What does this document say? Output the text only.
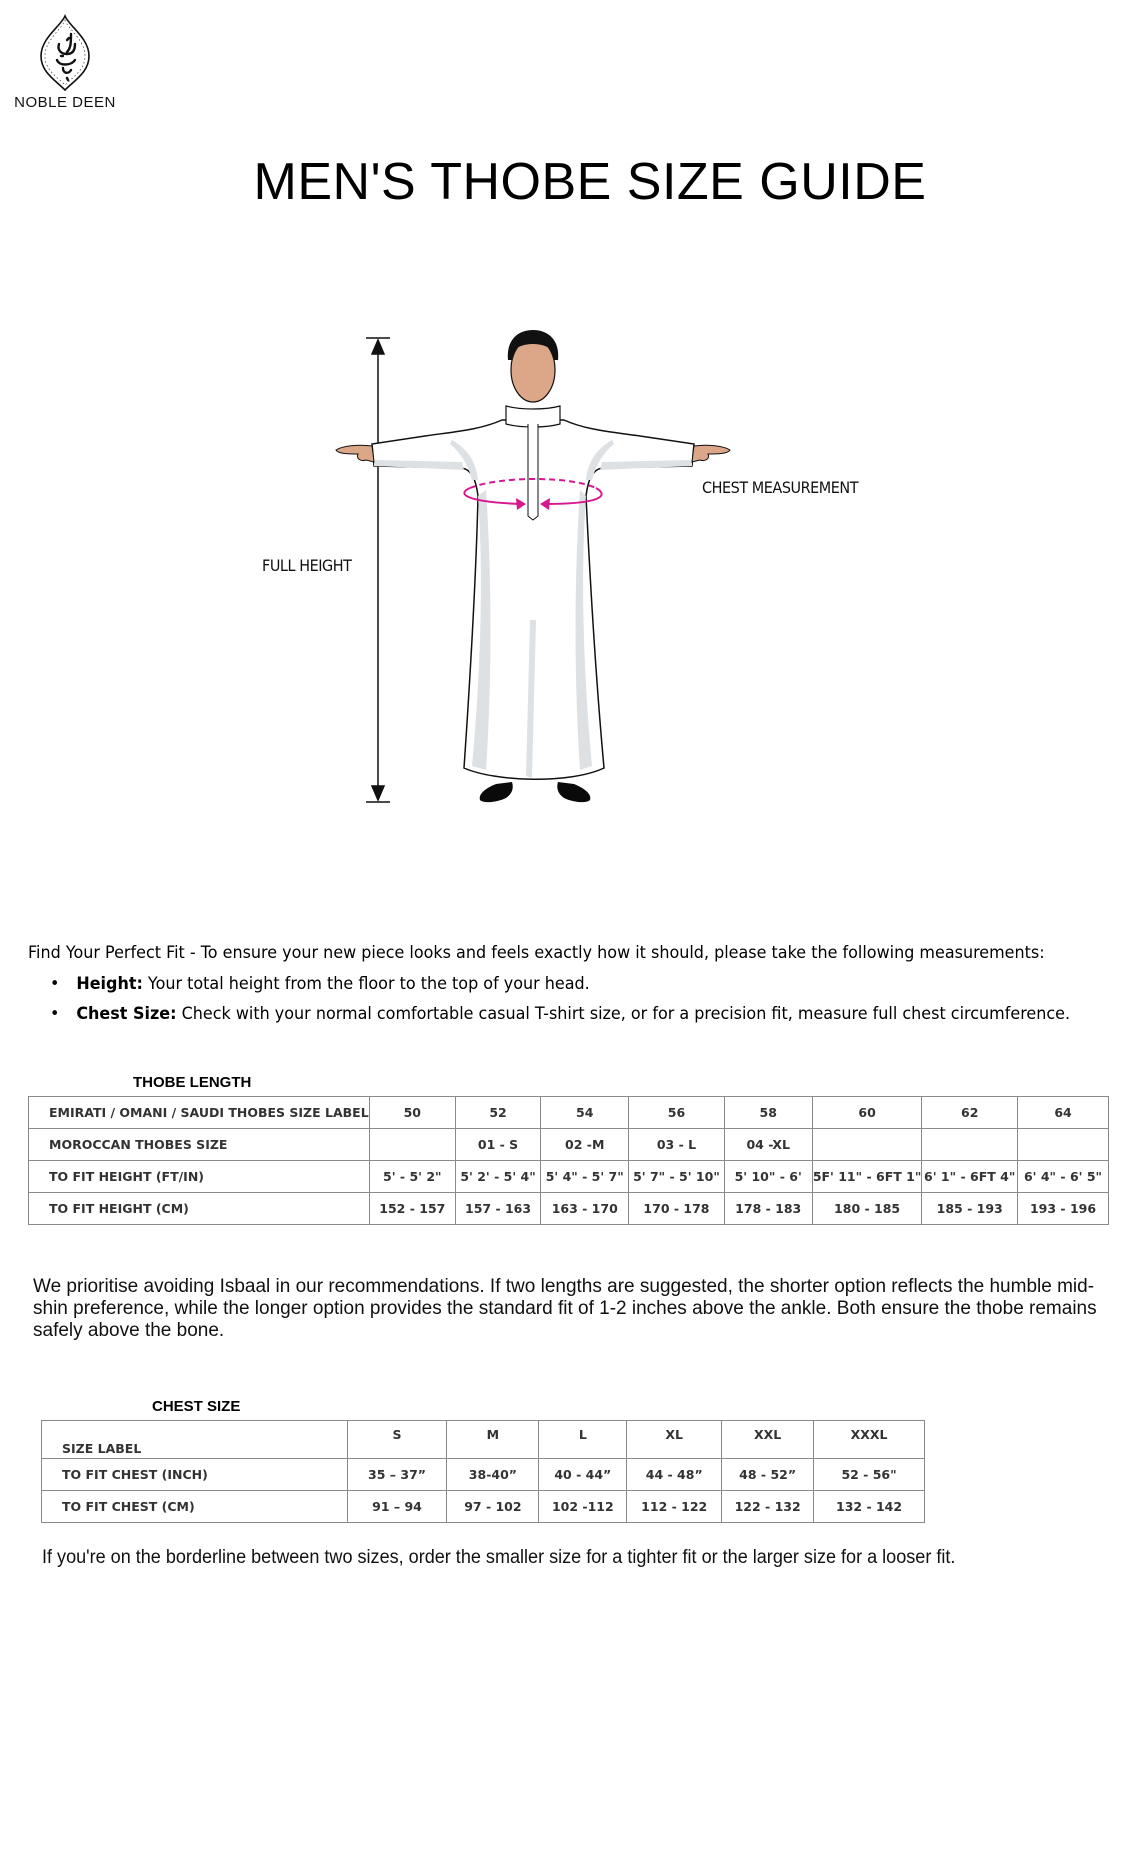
NOBLE DEEN
MEN'S THOBE SIZE GUIDE
FULL HEIGHT
CHEST MEASUREMENT
Find Your Perfect Fit - To ensure your new piece looks and feels exactly how it should, please take the following measurements:
• Height: Your total height from the floor to the top of your head.
• Chest Size: Check with your normal comfortable casual T-shirt size, or for a precision fit, measure full chest circumference.
THOBE LENGTH
EMIRATI / OMANI / SAUDI THOBES SIZE LABEL	50	52	54	56	58	60	62	64
MOROCCAN THOBES SIZE		01 - S	02 -M	03 - L	04 -XL			
TO FIT HEIGHT (FT/IN)	5' - 5' 2"	5' 2' - 5' 4"	5' 4" - 5' 7"	5' 7" - 5' 10"	5' 10" - 6'	5F' 11" - 6FT 1"	6' 1" - 6FT 4"	6' 4" - 6' 5"
TO FIT HEIGHT (CM)	152 - 157	157 - 163	163 - 170	170 - 178	178 - 183	180 - 185	185 - 193	193 - 196
We prioritise avoiding Isbaal in our recommendations. If two lengths are suggested, the shorter option reflects the humble mid-shin preference, while the longer option provides the standard fit of 1-2 inches above the ankle. Both ensure the thobe remains safely above the bone.
CHEST SIZE
SIZE LABEL	S	M	L	XL	XXL	XXXL
TO FIT CHEST (INCH)	35 – 37”	38-40”	40 - 44”	44 - 48”	48 - 52”	52 - 56"
TO FIT CHEST (CM)	91 – 94	97 - 102	102 -112	112 - 122	122 - 132	132 - 142
If you're on the borderline between two sizes, order the smaller size for a tighter fit or the larger size for a looser fit.
